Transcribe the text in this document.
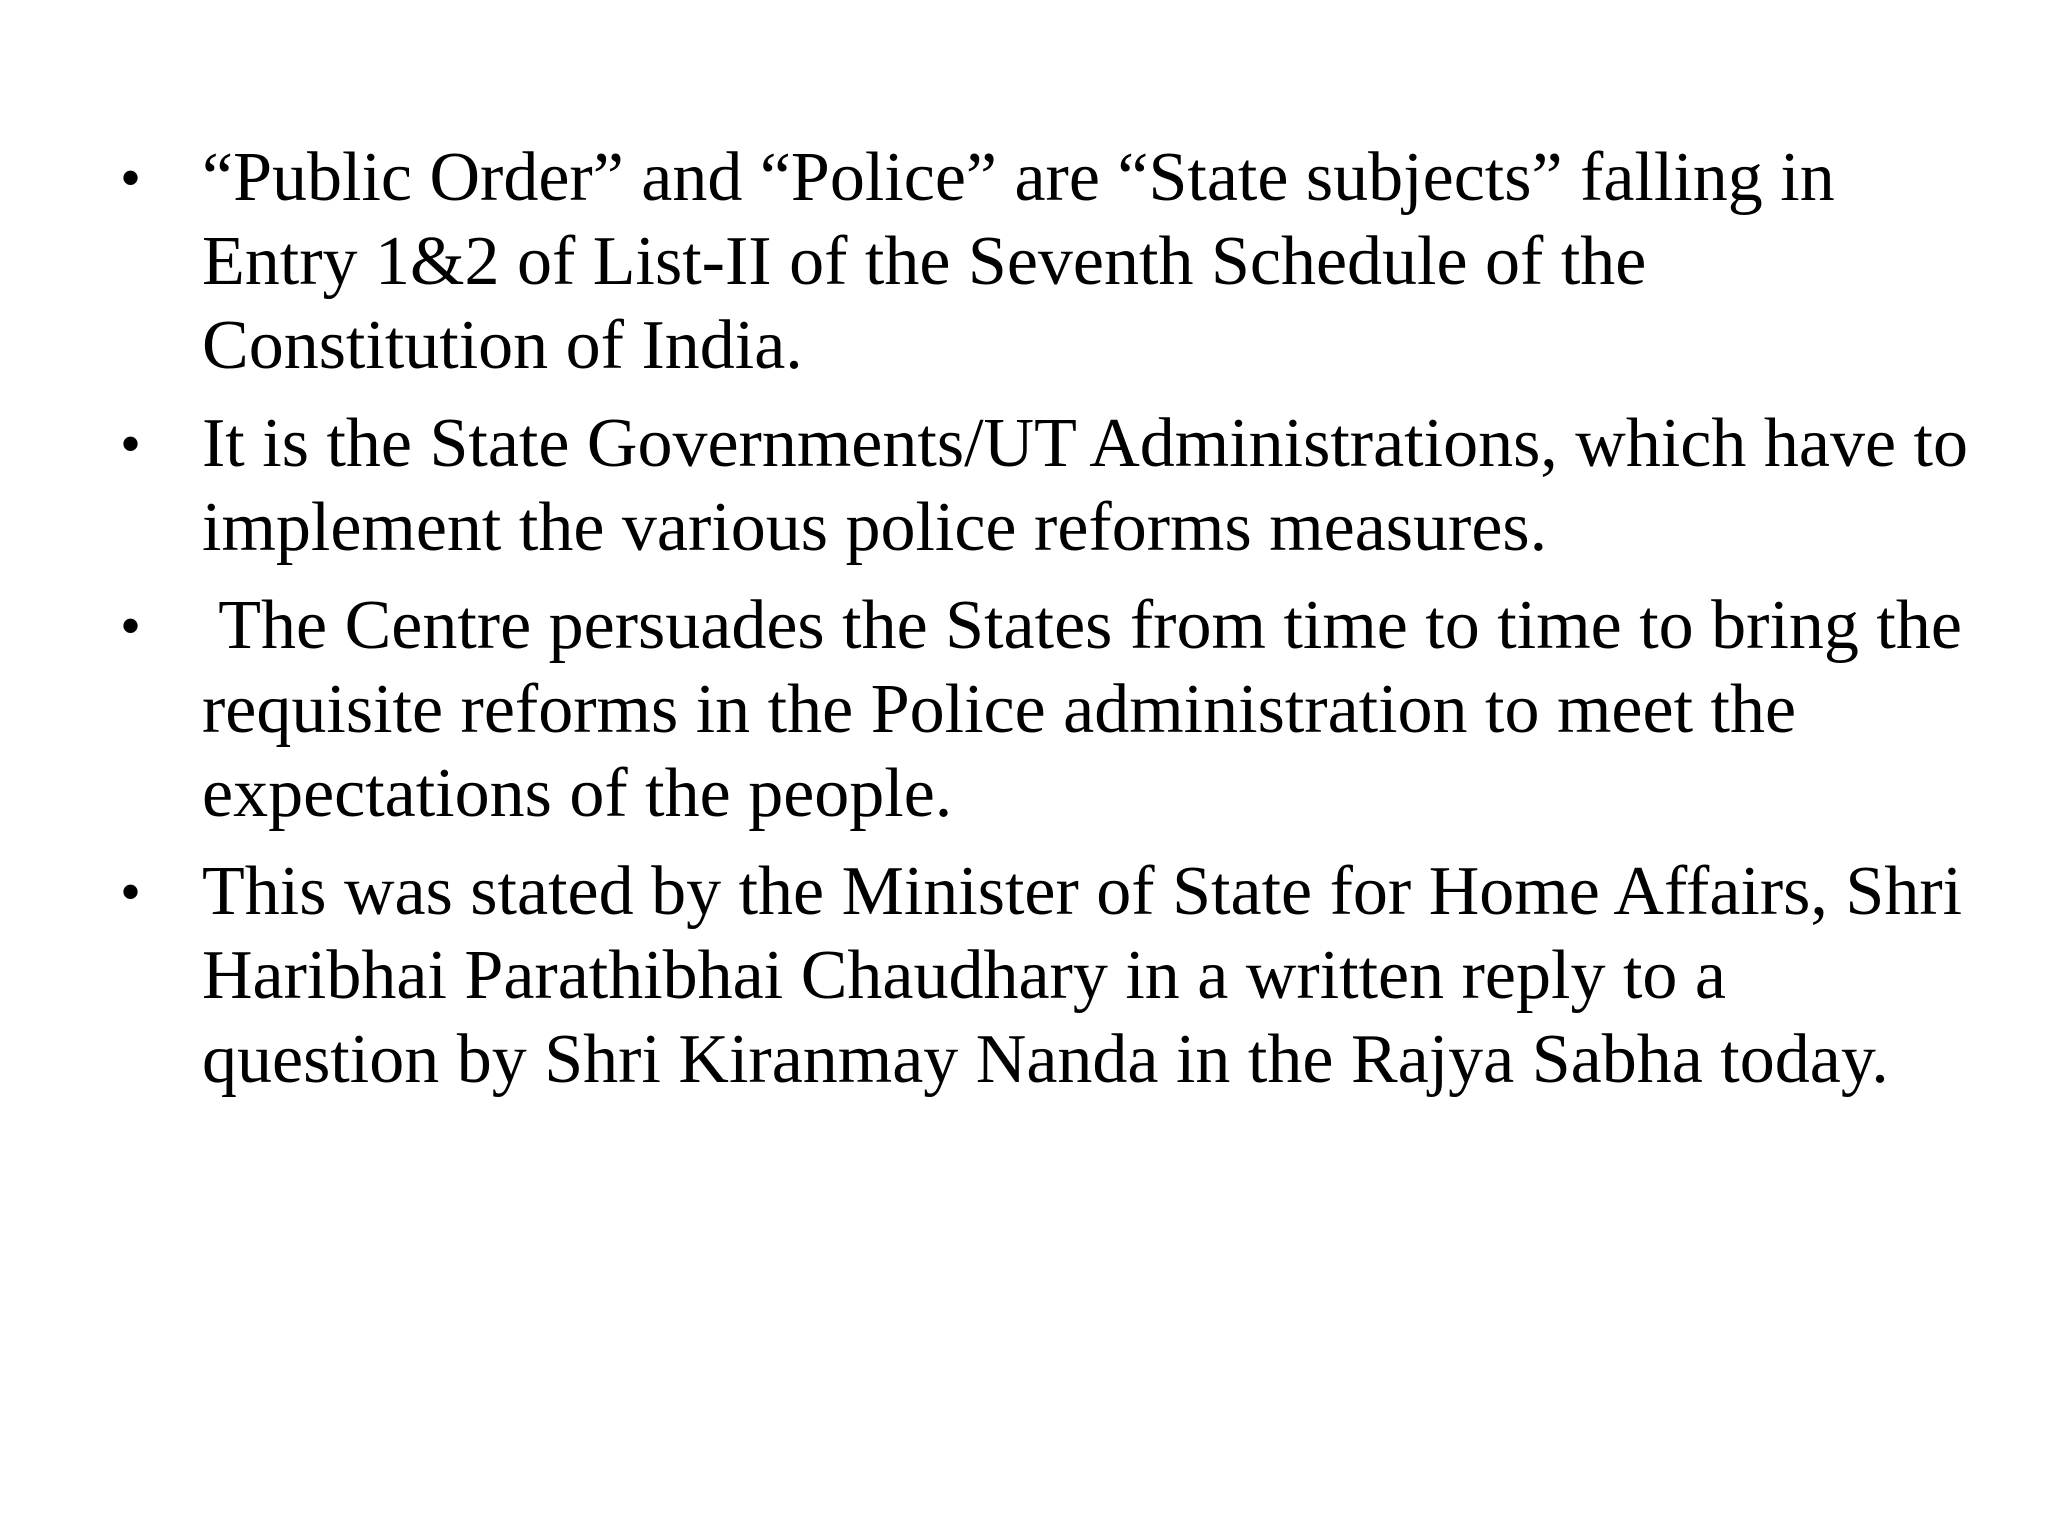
• “Public Order” and “Police” are “State subjects” falling in
Entry 1&2 of List-II of the Seventh Schedule of the
Constitution of India.
• It is the State Governments/UT Administrations, which have to
implement the various police reforms measures.
• The Centre persuades the States from time to time to bring the
requisite reforms in the Police administration to meet the
expectations of the people.
• This was stated by the Minister of State for Home Affairs, Shri
Haribhai Parathibhai Chaudhary in a written reply to a
question by Shri Kiranmay Nanda in the Rajya Sabha today.
